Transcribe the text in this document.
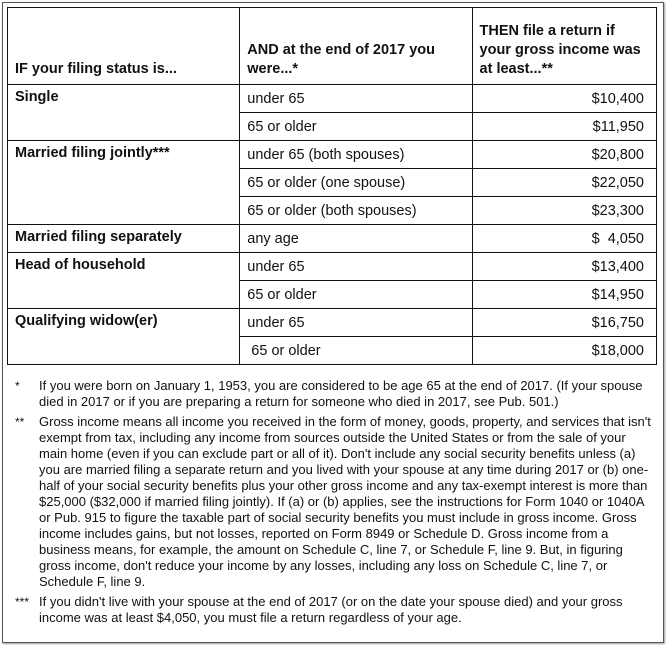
IF your filing status is...	AND at the end of 2017 you were...*	THEN file a return if your gross income was at least...**
Single	under 65	$10,400
	65 or older	$11,950
Married filing jointly***	under 65 (both spouses)	$20,800
	65 or older (one spouse)	$22,050
	65 or older (both spouses)	$23,300
Married filing separately	any age	$  4,050
Head of household	under 65	$13,400
	65 or older	$14,950
Qualifying widow(er)	under 65	$16,750
	65 or older	$18,000
*	If you were born on January 1, 1953, you are considered to be age 65 at the end of 2017. (If your spouse died in 2017 or if you are preparing a return for someone who died in 2017, see Pub. 501.)
**	Gross income means all income you received in the form of money, goods, property, and services that isn't exempt from tax, including any income from sources outside the United States or from the sale of your main home (even if you can exclude part or all of it). Don't include any social security benefits unless (a) you are married filing a separate return and you lived with your spouse at any time during 2017 or (b) one-half of your social security benefits plus your other gross income and any tax-exempt interest is more than $25,000 ($32,000 if married filing jointly). If (a) or (b) applies, see the instructions for Form 1040 or 1040A or Pub. 915 to figure the taxable part of social security benefits you must include in gross income. Gross income includes gains, but not losses, reported on Form 8949 or Schedule D. Gross income from a business means, for example, the amount on Schedule C, line 7, or Schedule F, line 9. But, in figuring gross income, don't reduce your income by any losses, including any loss on Schedule C, line 7, or Schedule F, line 9.
*** If you didn't live with your spouse at the end of 2017 (or on the date your spouse died) and your gross income was at least $4,050, you must file a return regardless of your age.
